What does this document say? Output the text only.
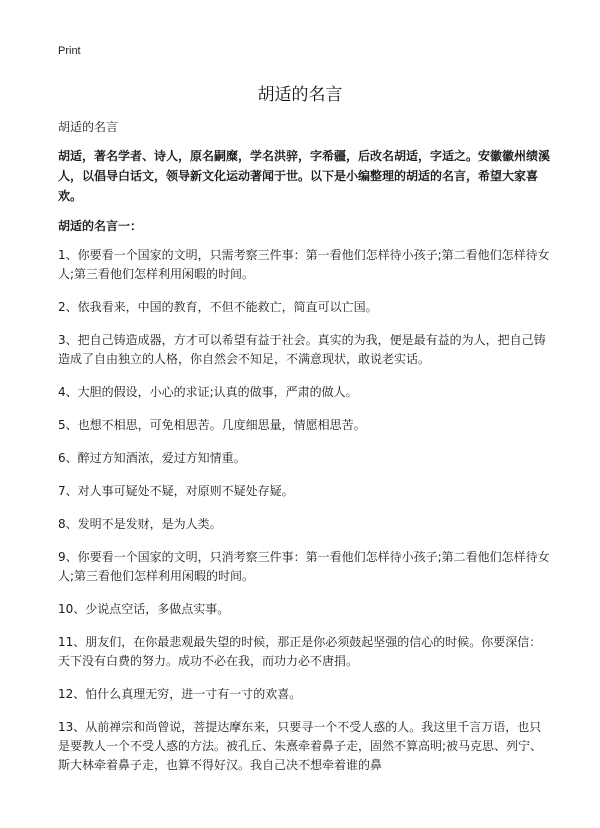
Print
胡适的名言

胡适的名言

胡适，著名学者、诗人，原名嗣糜，学名洪骍，字希疆，后改名胡适，字适之。安徽徽州绩溪人，以倡导白话文，领导新文化运动著闻于世。以下是小编整理的胡适的名言，希望大家喜欢。

胡适的名言一：

1、你要看一个国家的文明，只需考察三件事：第一看他们怎样待小孩子;第二看他们怎样待女人;第三看他们怎样利用闲暇的时间。

2、依我看来，中国的教育，不但不能救亡，简直可以亡国。

3、把自己铸造成器，方才可以希望有益于社会。真实的为我，便是最有益的为人，把自己铸造成了自由独立的人格，你自然会不知足，不满意现状，敢说老实话。

4、大胆的假设，小心的求证;认真的做事，严肃的做人。

5、也想不相思，可免相思苦。几度细思量，情愿相思苦。

6、醉过方知酒浓，爱过方知情重。

7、对人事可疑处不疑，对原则不疑处存疑。

8、发明不是发财，是为人类。

9、你要看一个国家的文明，只消考察三件事：第一看他们怎样待小孩子;第二看他们怎样待女人;第三看他们怎样利用闲暇的时间。

10、少说点空话，多做点实事。

11、朋友们，在你最悲观最失望的时候，那正是你必须鼓起坚强的信心的时候。你要深信：天下没有白费的努力。成功不必在我，而功力必不唐捐。

12、怕什么真理无穷，进一寸有一寸的欢喜。

13、从前禅宗和尚曾说，菩提达摩东来，只要寻一个不受人惑的人。我这里千言万语，也只是要教人一个不受人惑的方法。被孔丘、朱熹牵着鼻子走，固然不算高明;被马克思、列宁、斯大林牵着鼻子走，也算不得好汉。我自己决不想牵着谁的鼻
